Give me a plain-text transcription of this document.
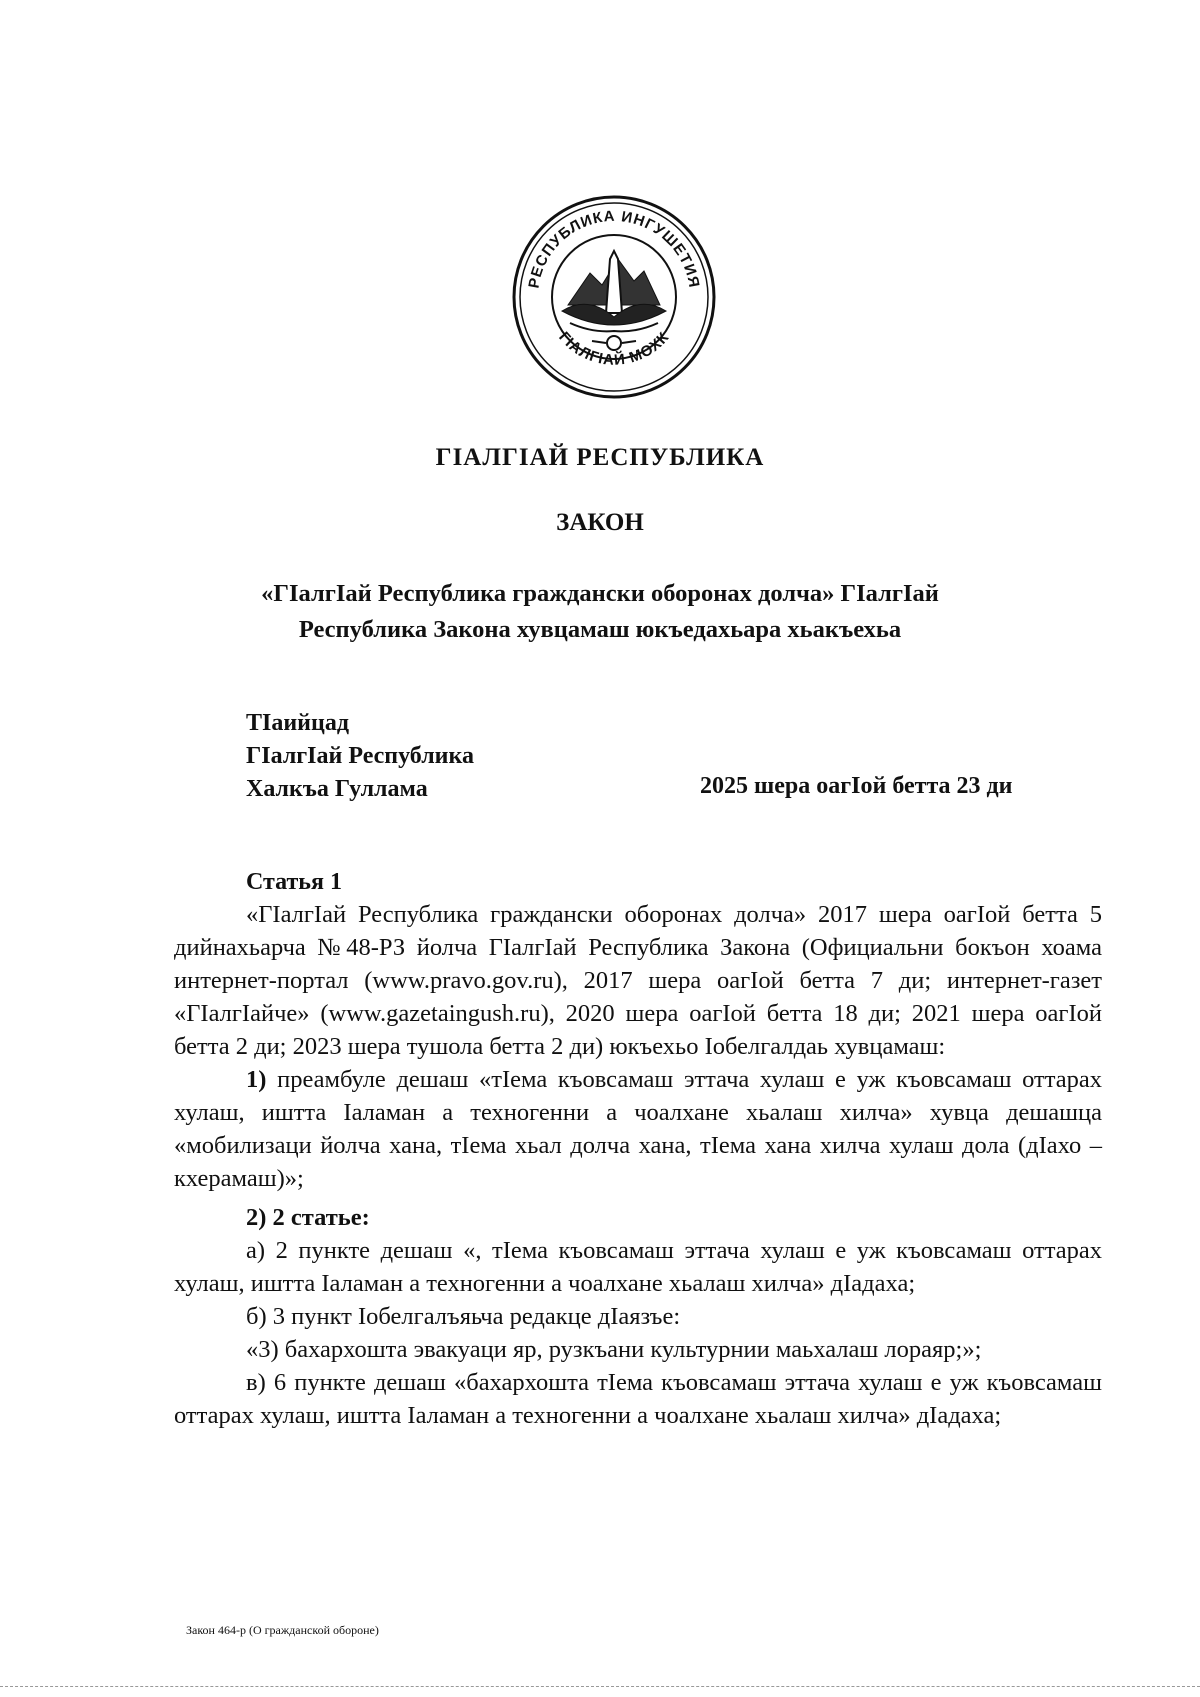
РЕСПУБЛИКА ИНГУШЕТИЯ
ГIАЛГIАЙ МОХК
ГIАЛГIАЙ РЕСПУБЛИКА
ЗАКОН
«ГIалгIай Республика граждански оборонах долча» ГIалгIай
Республика Закона хувцамаш юкъедахьара хьакъехьа
ТIаийцад
ГIалгIай Республика
Халкъа Гуллама	2025 шера оагIой бетта 23 ди
Статья 1

«ГIалгIай Республика граждански оборонах долча» 2017 шера оагIой бетта 5 дийнахьарча №48-РЗ йолча ГIалгIай Республика Закона (Официальни бокъон хоама интернет-портал (www.pravo.gov.ru), 2017 шера оагIой бетта 7 ди; интернет-газет «ГIалгIайче» (www.gazetaingush.ru), 2020 шера оагIой бетта 18 ди; 2021 шера оагIой бетта 2 ди; 2023 шера тушола бетта 2 ди) юкъехьо Iобелгалдаь хувцамаш:

1) преамбуле дешаш «тIема къовсамаш эттача хулаш е уж къовсамаш оттарах хулаш, иштта Iаламан а техногенни а чоалхане хьалаш хилча» хувца дешашца «мобилизаци йолча хана, тIема хьал долча хана, тIема хана хилча хулаш дола (дIахо – кхерамаш)»;

2) 2 статье:

а) 2 пункте дешаш «, тIема къовсамаш эттача хулаш е уж къовсамаш оттарах хулаш, иштта Iаламан а техногенни а чоалхане хьалаш хилча» дIадаха;

б) 3 пункт Iобелгалъяьча редакце дIаязъе:

«3) бахархошта эвакуаци яр, рузкъани культурнии маьхалаш лораяр;»;

в) 6 пункте дешаш «бахархошта тIема къовсамаш эттача хулаш е уж къовсамаш оттарах хулаш, иштта Iаламан а техногенни а чоалхане хьалаш хилча» дIадаха;

Закон 464-р (О гражданской обороне)
